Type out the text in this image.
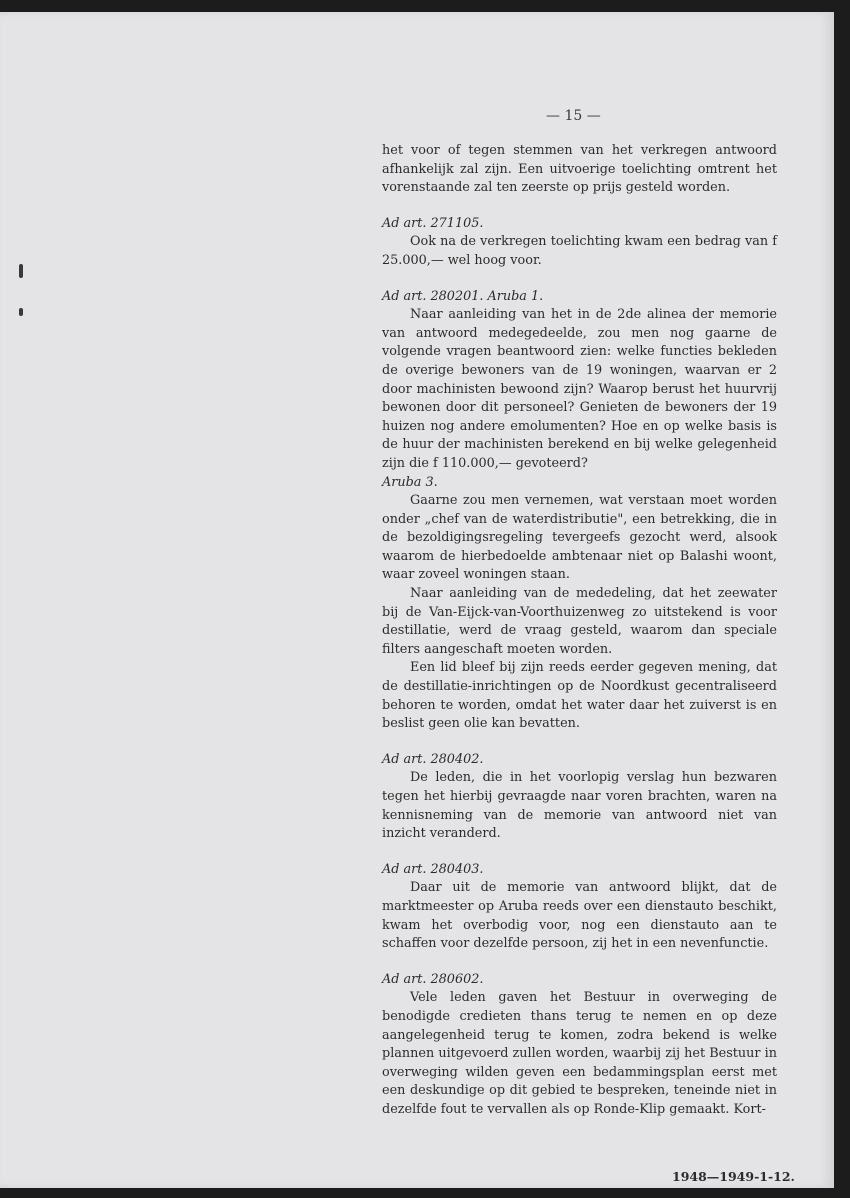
— 15 —

het voor of tegen stemmen van het verkregen antwoord afhankelijk zal zijn. Een uitvoerige toelichting omtrent het vorenstaande zal ten zeerste op prijs gesteld worden.

Ad art. 271105.

Ook na de verkregen toelichting kwam een bedrag van f 25.000,— wel hoog voor.

Ad art. 280201. Aruba 1.

Naar aanleiding van het in de 2de alinea der memorie van antwoord medegedeelde, zou men nog gaarne de volgende vragen beantwoord zien: welke functies bekleden de overige bewoners van de 19 woningen, waarvan er 2 door machinisten bewoond zijn? Waarop berust het huurvrij bewonen door dit personeel? Genieten de bewoners der 19 huizen nog andere emolumenten? Hoe en op welke basis is de huur der machinisten berekend en bij welke gelegenheid zijn die f 110.000,— gevoteerd?

Aruba 3.

Gaarne zou men vernemen, wat verstaan moet worden onder „chef van de waterdistributie", een betrekking, die in de bezoldigingsregeling tevergeefs gezocht werd, alsook waarom de hierbedoelde ambtenaar niet op Balashi woont, waar zoveel woningen staan.

Naar aanleiding van de mededeling, dat het zeewater bij de Van-Eijck-van-Voorthuizenweg zo uitstekend is voor destillatie, werd de vraag gesteld, waarom dan speciale filters aangeschaft moeten worden.

Een lid bleef bij zijn reeds eerder gegeven mening, dat de destillatie-inrichtingen op de Noordkust gecentraliseerd behoren te worden, omdat het water daar het zuiverst is en beslist geen olie kan bevatten.

Ad art. 280402.

De leden, die in het voorlopig verslag hun bezwaren tegen het hierbij gevraagde naar voren brachten, waren na kennisneming van de memorie van antwoord niet van inzicht veranderd.

Ad art. 280403.

Daar uit de memorie van antwoord blijkt, dat de marktmeester op Aruba reeds over een dienstauto beschikt, kwam het overbodig voor, nog een dienstauto aan te schaffen voor dezelfde persoon, zij het in een nevenfunctie.

Ad art. 280602.

Vele leden gaven het Bestuur in overweging de benodigde credieten thans terug te nemen en op deze aangelegenheid terug te komen, zodra bekend is welke plannen uitgevoerd zullen worden, waarbij zij het Bestuur in overweging wilden geven een bedammingsplan eerst met een deskundige op dit gebied te bespreken, teneinde niet in dezelfde fout te vervallen als op Ronde-Klip gemaakt. Kort-

1948—1949-1-12.
